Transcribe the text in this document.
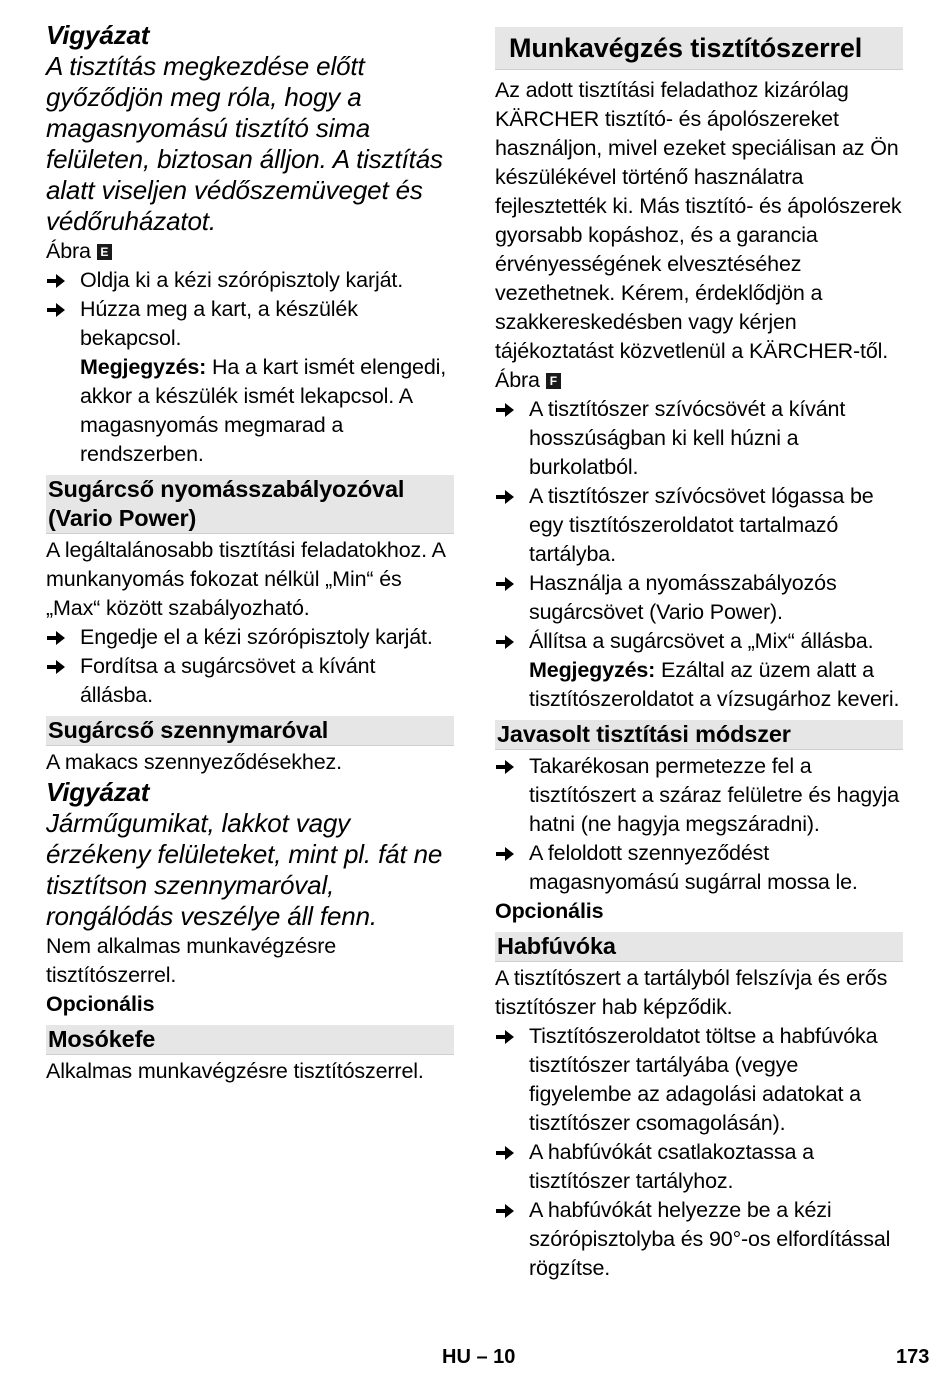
Vigyázat
A tisztítás megkezdése előtt győződjön meg róla, hogy a magasnyomású tisztító sima felületen, biztosan álljon. A tisztítás alatt viseljen védőszemüveget és védőruházatot.
Ábra E
Oldja ki a kézi szórópisztoly karját.
Húzza meg a kart, a készülék bekapcsol.
Megjegyzés: Ha a kart ismét elengedi, akkor a készülék ismét lekapcsol. A magasnyomás megmarad a rendszerben.
Sugárcső nyomásszabályozóval (Vario Power)
A legáltalánosabb tisztítási feladatokhoz. A munkanyomás fokozat nélkül „Min“ és „Max“ között szabályozható.
Engedje el a kézi szórópisztoly karját.
Fordítsa a sugárcsövet a kívánt állásba.
Sugárcső szennymaróval
A makacs szennyeződésekhez.
Vigyázat
Járműgumikat, lakkot vagy érzékeny felületeket, mint pl. fát ne tisztítson szennymaróval, rongálódás veszélye áll fenn.
Nem alkalmas munkavégzésre tisztítószerrel.
Opcionális
Mosókefe
Alkalmas munkavégzésre tisztítószerrel.
Munkavégzés tisztítószerrel
Az adott tisztítási feladathoz kizárólag KÄRCHER tisztító- és ápolószereket használjon, mivel ezeket speciálisan az Ön készülékével történő használatra fejlesztették ki. Más tisztító- és ápolószerek gyorsabb kopáshoz, és a garancia érvényességének elvesztéséhez vezethetnek. Kérem, érdeklődjön a szakkereskedésben vagy kérjen tájékoztatást közvetlenül a KÄRCHER-től.
Ábra F
A tisztítószer szívócsövét a kívánt hosszúságban ki kell húzni a burkolatból.
A tisztítószer szívócsövet lógassa be egy tisztítószeroldatot tartalmazó tartályba.
Használja a nyomásszabályozós sugárcsövet (Vario Power).
Állítsa a sugárcsövet a „Mix“ állásba.
Megjegyzés: Ezáltal az üzem alatt a tisztítószeroldatot a vízsugárhoz keveri.
Javasolt tisztítási módszer
Takarékosan permetezze fel a tisztítószert a száraz felületre és hagyja hatni (ne hagyja megszáradni).
A feloldott szennyeződést magasnyomású sugárral mossa le.
Opcionális
Habfúvóka
A tisztítószert a tartályból felszívja és erős tisztítószer hab képződik.
Tisztítószeroldatot töltse a habfúvóka tisztítószer tartályába (vegye figyelembe az adagolási adatokat a tisztítószer csomagolásán).
A habfúvókát csatlakoztassa a tisztítószer tartályhoz.
A habfúvókát helyezze be a kézi szórópisztolyba és 90°-os elfordítással rögzítse.
HU – 10	173
